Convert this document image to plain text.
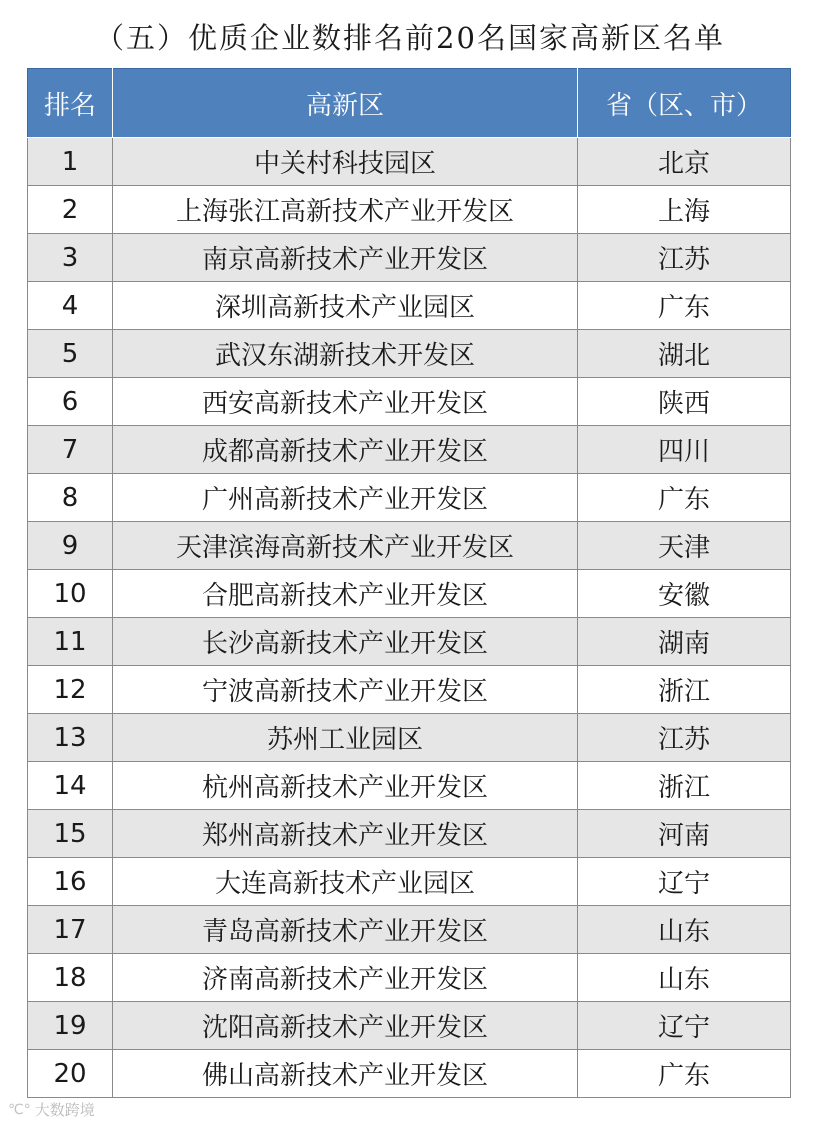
（五）优质企业数排名前20名国家高新区名单
排名	高新区	省（区、市）
1	中关村科技园区	北京
2	上海张江高新技术产业开发区	上海
3	南京高新技术产业开发区	江苏
4	深圳高新技术产业园区	广东
5	武汉东湖新技术开发区	湖北
6	西安高新技术产业开发区	陕西
7	成都高新技术产业开发区	四川
8	广州高新技术产业开发区	广东
9	天津滨海高新技术产业开发区	天津
10	合肥高新技术产业开发区	安徽
11	长沙高新技术产业开发区	湖南
12	宁波高新技术产业开发区	浙江
13	苏州工业园区	江苏
14	杭州高新技术产业开发区	浙江
15	郑州高新技术产业开发区	河南
16	大连高新技术产业园区	辽宁
17	青岛高新技术产业开发区	山东
18	济南高新技术产业开发区	山东
19	沈阳高新技术产业开发区	辽宁
20	佛山高新技术产业开发区	广东
℃° 大数跨境
